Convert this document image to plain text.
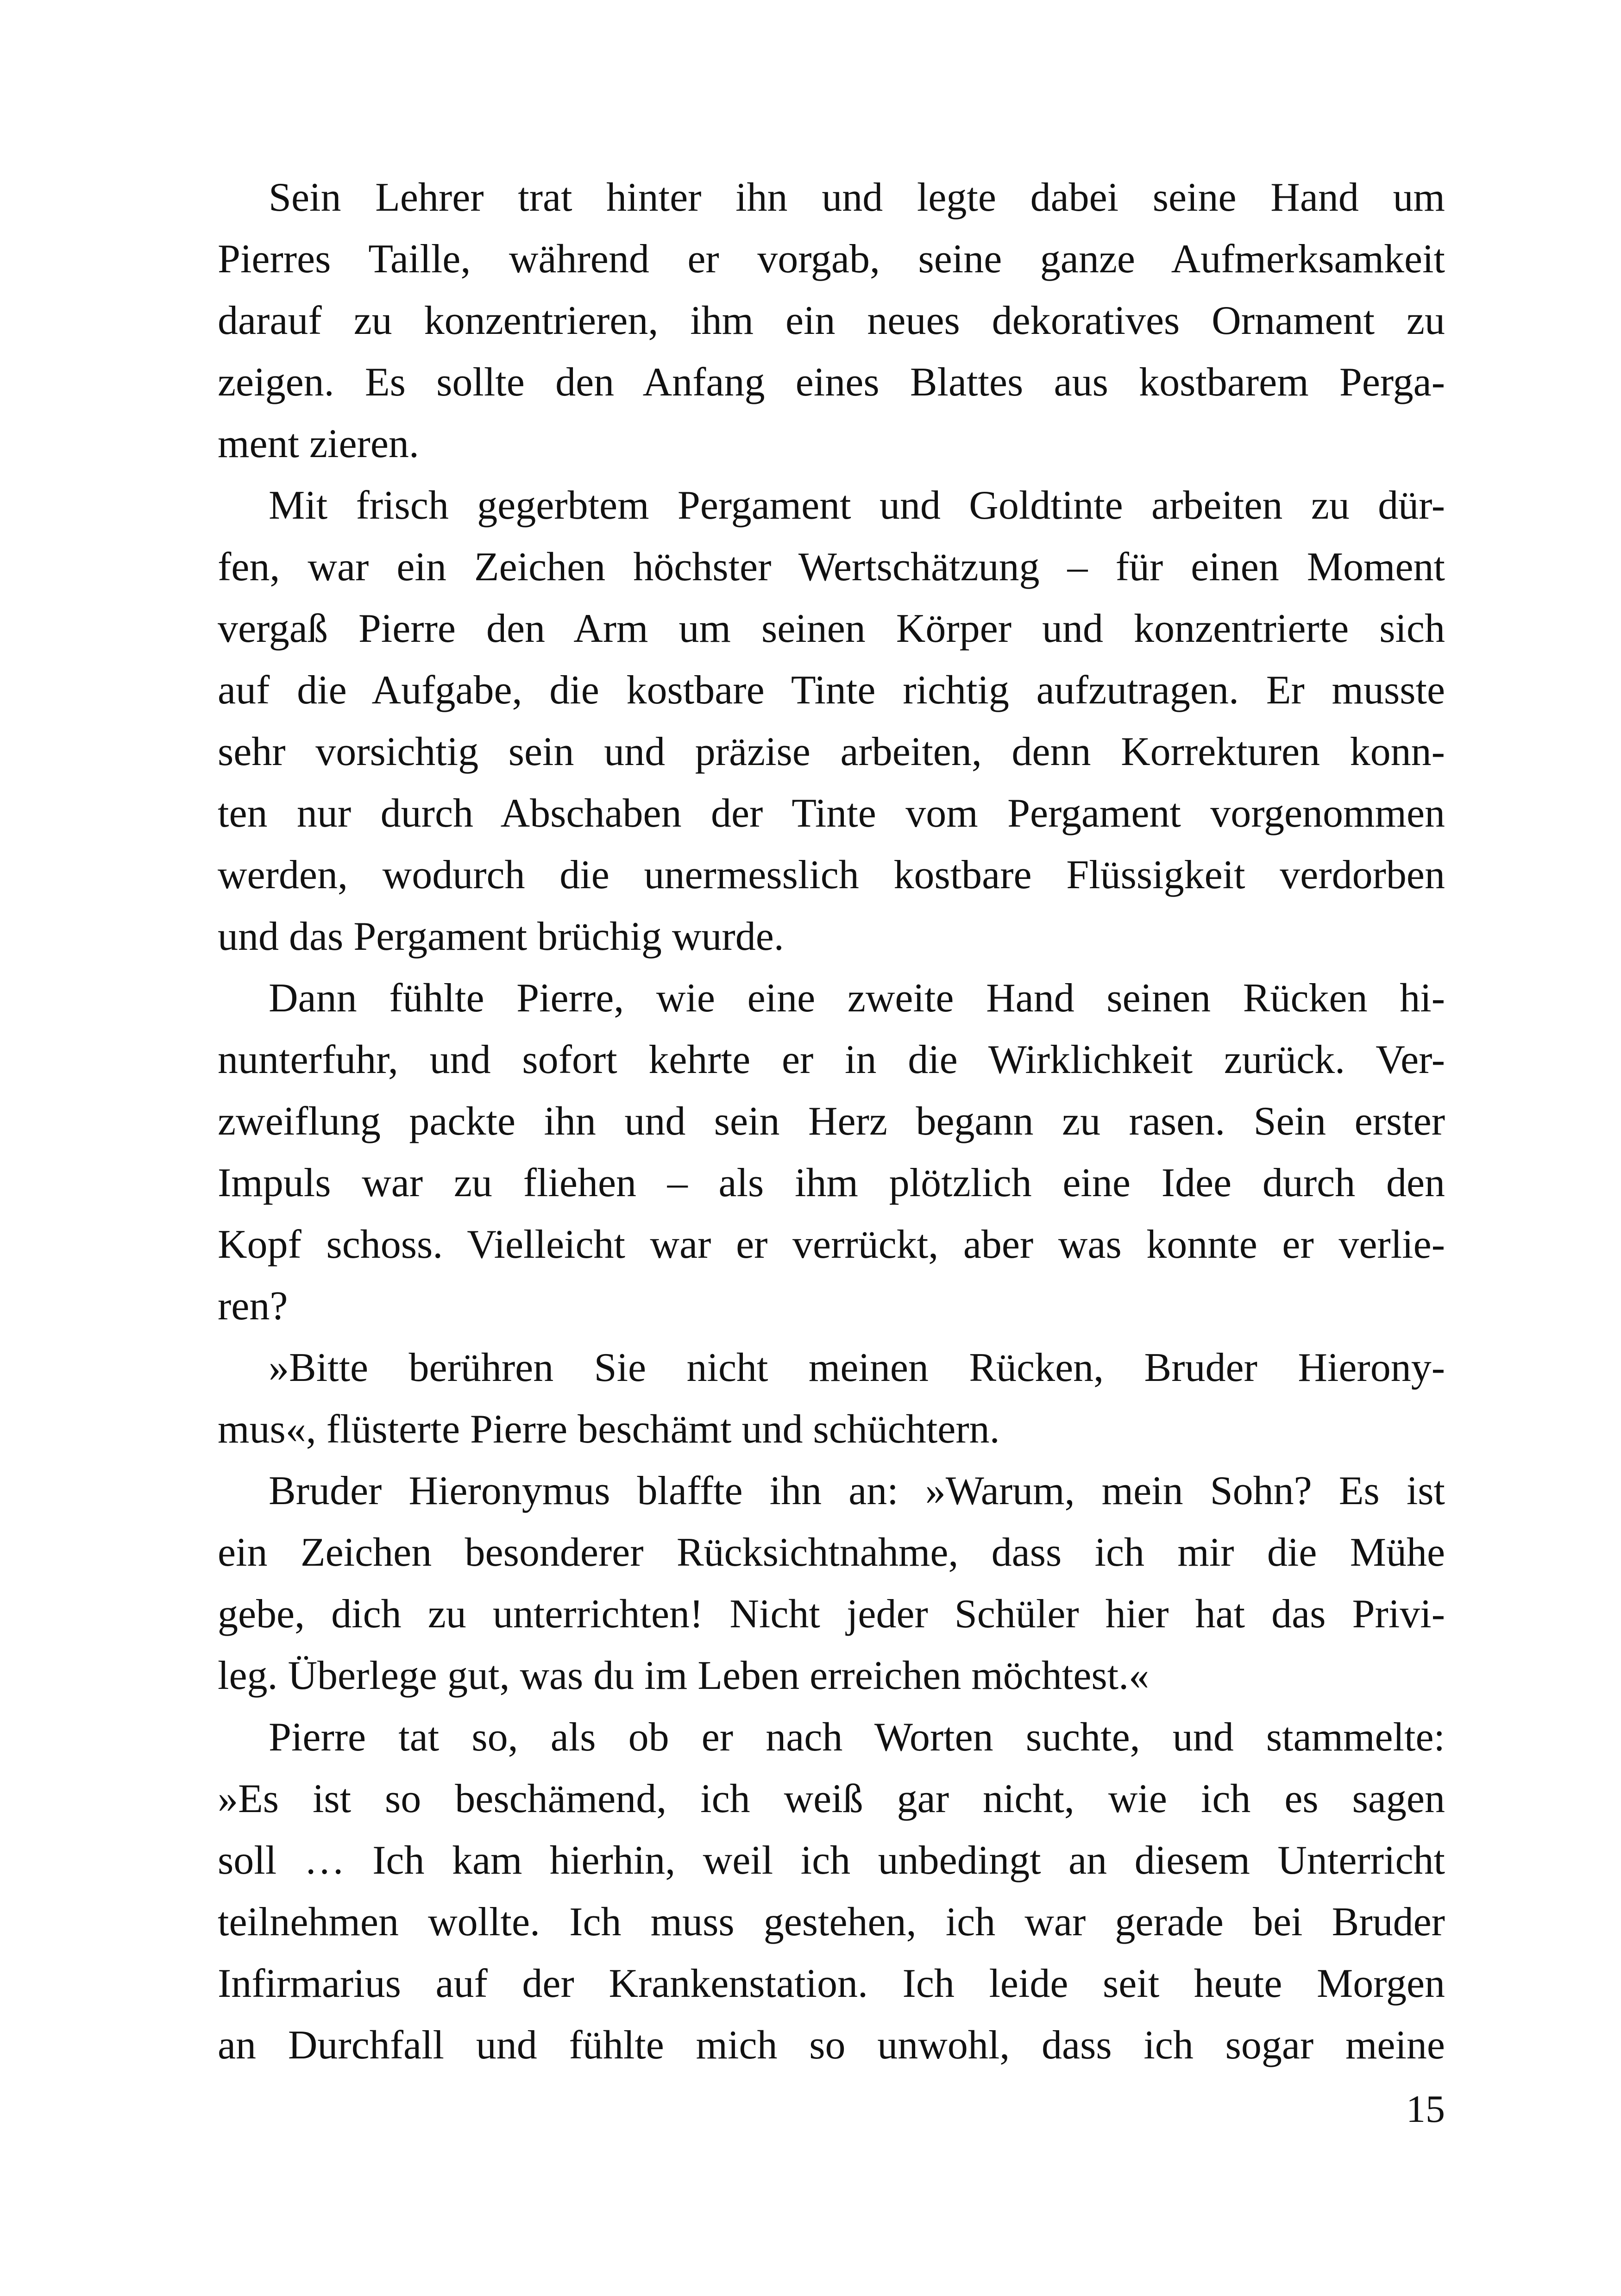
Sein Lehrer trat hinter ihn und legte dabei seine Hand um
Pierres Taille, während er vorgab, seine ganze Aufmerksamkeit
darauf zu konzentrieren, ihm ein neues dekoratives Ornament zu
zeigen. Es sollte den Anfang eines Blattes aus kostbarem Perga-
ment zieren.
Mit frisch gegerbtem Pergament und Goldtinte arbeiten zu dür-
fen, war ein Zeichen höchster Wertschätzung – für einen Moment
vergaß Pierre den Arm um seinen Körper und konzentrierte sich
auf die Aufgabe, die kostbare Tinte richtig aufzutragen. Er musste
sehr vorsichtig sein und präzise arbeiten, denn Korrekturen konn-
ten nur durch Abschaben der Tinte vom Pergament vorgenommen
werden, wodurch die unermesslich kostbare Flüssigkeit verdorben
und das Pergament brüchig wurde.
Dann fühlte Pierre, wie eine zweite Hand seinen Rücken hi-
nunterfuhr, und sofort kehrte er in die Wirklichkeit zurück. Ver-
zweiflung packte ihn und sein Herz begann zu rasen. Sein erster
Impuls war zu fliehen – als ihm plötzlich eine Idee durch den
Kopf schoss. Vielleicht war er verrückt, aber was konnte er verlie-
ren?
»Bitte berühren Sie nicht meinen Rücken, Bruder Hierony-
mus«, flüsterte Pierre beschämt und schüchtern.
Bruder Hieronymus blaffte ihn an: »Warum, mein Sohn? Es ist
ein Zeichen besonderer Rücksichtnahme, dass ich mir die Mühe
gebe, dich zu unterrichten! Nicht jeder Schüler hier hat das Privi-
leg. Überlege gut, was du im Leben erreichen möchtest.«
Pierre tat so, als ob er nach Worten suchte, und stammelte:
»Es ist so beschämend, ich weiß gar nicht, wie ich es sagen
soll … Ich kam hierhin, weil ich unbedingt an diesem Unterricht
teilnehmen wollte. Ich muss gestehen, ich war gerade bei Bruder
Infirmarius auf der Krankenstation. Ich leide seit heute Morgen
an Durchfall und fühlte mich so unwohl, dass ich sogar meine
15
